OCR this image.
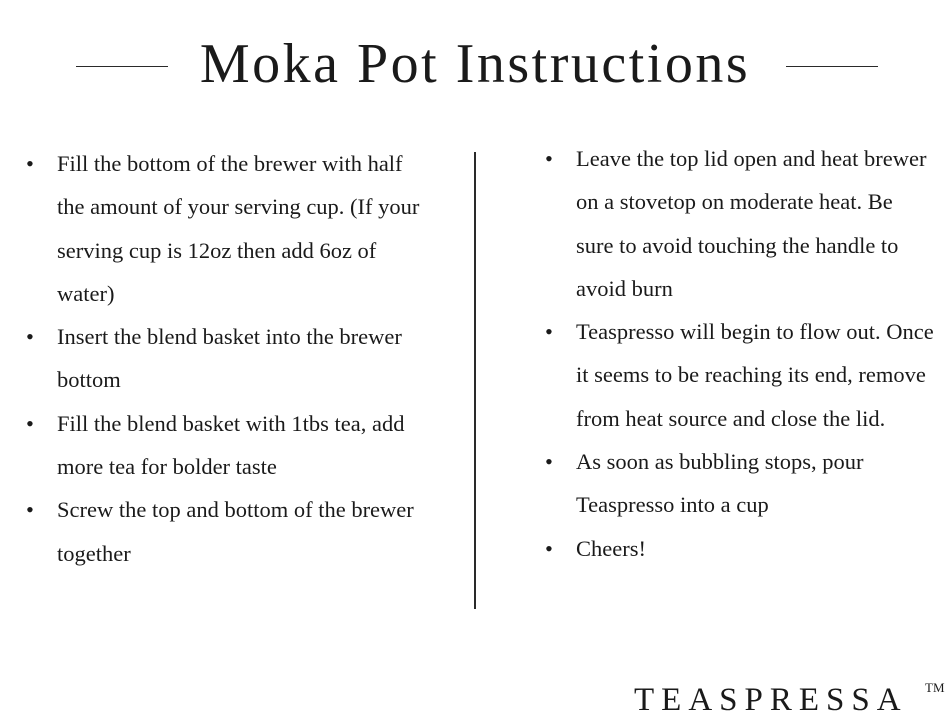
Moka Pot Instructions
• Fill the bottom of the brewer with half the amount of your serving cup. (If your serving cup is 12oz then add 6oz of water)
• Insert the blend basket into the brewer bottom
• Fill the blend basket with 1tbs tea, add more tea for bolder taste
• Screw the top and bottom of the brewer together
• Leave the top lid open and heat brewer on a stovetop on moderate heat. Be sure to avoid touching the handle to avoid burn
• Teaspresso will begin to flow out. Once it seems to be reaching its end, remove from heat source and close the lid.
• As soon as bubbling stops, pour Teaspresso into a cup
• Cheers!
TEASPRESSA TM
